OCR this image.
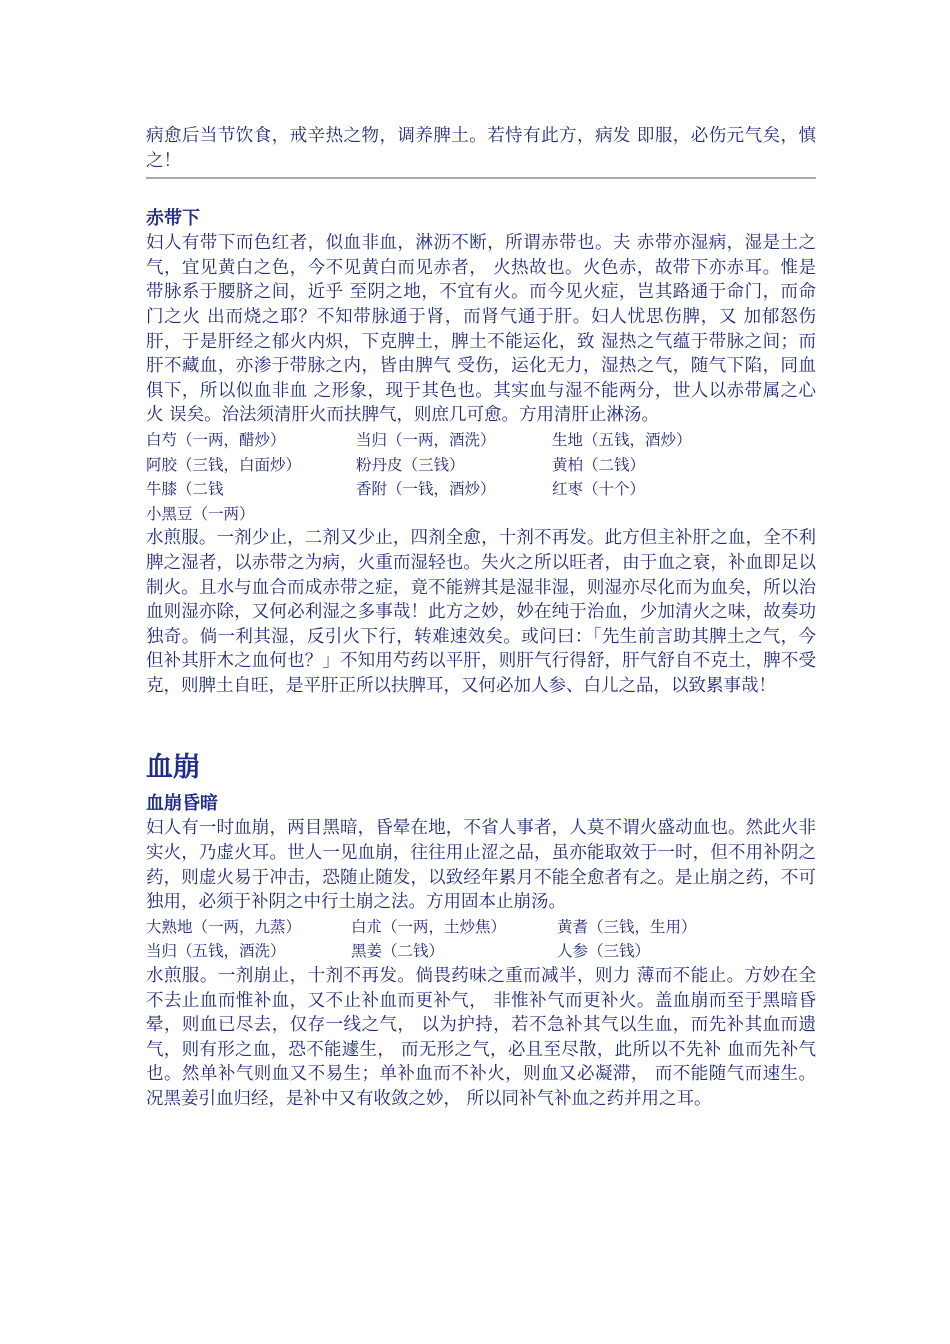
病愈后当节饮食，戒辛热之物，调养脾土。若恃有此方，病发 即服，必伤元气矣，慎之！

赤带下

妇人有带下而色红者，似血非血，淋沥不断，所谓赤带也。夫 赤带亦湿病，湿是土之气，宜见黄白之色，今不见黄白而见赤者， 火热故也。火色赤，故带下亦赤耳。惟是带脉系于腰脐之间，近乎 至阴之地，不宜有火。而今见火症，岂其路通于命门，而命门之火 出而烧之耶？不知带脉通于肾，而肾气通于肝。妇人忧思伤脾，又 加郁怒伤肝，于是肝经之郁火内炽，下克脾土，脾土不能运化，致 湿热之气蕴于带脉之间；而肝不藏血，亦渗于带脉之内，皆由脾气 受伤，运化无力，湿热之气，随气下陷，同血俱下，所以似血非血 之形象，现于其色也。其实血与湿不能两分，世人以赤带属之心火 误矣。治法须清肝火而扶脾气，则庶几可愈。方用清肝止淋汤。

白芍（一两，醋炒）	当归（一两，酒洗）	生地（五钱，酒炒）
阿胶（三钱，白面炒）	粉丹皮（三钱）	黄柏（二钱）
牛膝（二钱	香附（一钱，酒炒）	红枣（十个）
小黑豆（一两）

水煎服。一剂少止，二剂又少止，四剂全愈，十剂不再发。此方但主补肝之血，全不利脾之湿者，以赤带之为病，火重而湿轻也。失火之所以旺者，由于血之衰，补血即足以制火。且水与血合而成赤带之症，竟不能辨其是湿非湿，则湿亦尽化而为血矣，所以治血则湿亦除，又何必利湿之多事哉！此方之妙，妙在纯于治血，少加清火之味，故奏功独奇。倘一利其湿，反引火下行，转难速效矣。或问曰：「先生前言助其脾土之气，今但补其肝木之血何也？」不知用芍药以平肝，则肝气行得舒，肝气舒自不克土，脾不受克，则脾土自旺，是平肝正所以扶脾耳，又何必加人参、白儿之品，以致累事哉！

血崩
血崩昏暗

妇人有一时血崩，两目黑暗，昏晕在地，不省人事者，人莫不谓火盛动血也。然此火非实火，乃虚火耳。世人一见血崩，往往用止涩之品，虽亦能取效于一时，但不用补阴之药，则虚火易于冲击，恐随止随发，以致经年累月不能全愈者有之。是止崩之药，不可独用，必须于补阴之中行土崩之法。方用固本止崩汤。

大熟地（一两，九蒸）	白朮（一两，土炒焦）	黄耆（三钱，生用）
当归（五钱，酒洗）	黑姜（二钱）	人参（三钱）

水煎服。一剂崩止，十剂不再发。倘畏药味之重而减半，则力 薄而不能止。方妙在全不去止血而惟补血，又不止补血而更补气， 非惟补气而更补火。盖血崩而至于黑暗昏晕，则血已尽去，仅存一线之气， 以为护持，若不急补其气以生血，而先补其血而遗气，则有形之血，恐不能遽生， 而无形之气，必且至尽散，此所以不先补 血而先补气也。然单补气则血又不易生；单补血而不补火，则血又必凝滞， 而不能随气而速生。况黑姜引血归经，是补中又有收敛之妙， 所以同补气补血之药并用之耳。
